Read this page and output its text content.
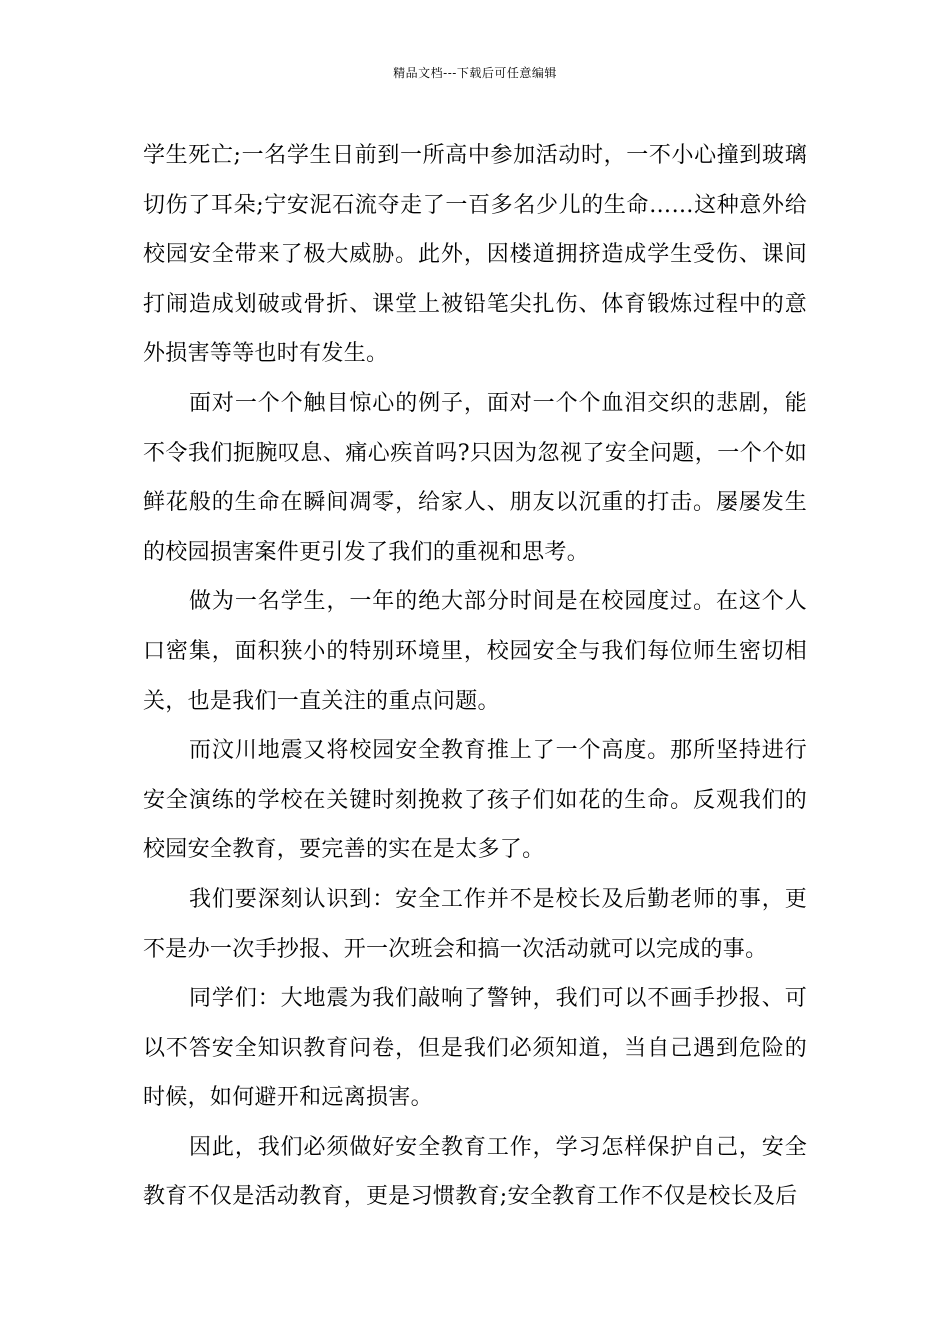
精品文档---下载后可任意编辑

学生死亡;一名学生日前到一所高中参加活动时，一不小心撞到玻璃切伤了耳朵;宁安泥石流夺走了一百多名少儿的生命……这种意外给校园安全带来了极大威胁。此外，因楼道拥挤造成学生受伤、课间打闹造成划破或骨折、课堂上被铅笔尖扎伤、体育锻炼过程中的意外损害等等也时有发生。

面对一个个触目惊心的例子，面对一个个血泪交织的悲剧，能不令我们扼腕叹息、痛心疾首吗?只因为忽视了安全问题，一个个如鲜花般的生命在瞬间凋零，给家人、朋友以沉重的打击。屡屡发生的校园损害案件更引发了我们的重视和思考。

做为一名学生，一年的绝大部分时间是在校园度过。在这个人口密集，面积狭小的特别环境里，校园安全与我们每位师生密切相关，也是我们一直关注的重点问题。

而汶川地震又将校园安全教育推上了一个高度。那所坚持进行安全演练的学校在关键时刻挽救了孩子们如花的生命。反观我们的校园安全教育，要完善的实在是太多了。

我们要深刻认识到：安全工作并不是校长及后勤老师的事，更不是办一次手抄报、开一次班会和搞一次活动就可以完成的事。

同学们：大地震为我们敲响了警钟，我们可以不画手抄报、可以不答安全知识教育问卷，但是我们必须知道，当自己遇到危险的时候，如何避开和远离损害。

因此，我们必须做好安全教育工作，学习怎样保护自己，安全教育不仅是活动教育，更是习惯教育;安全教育工作不仅是校长及后
